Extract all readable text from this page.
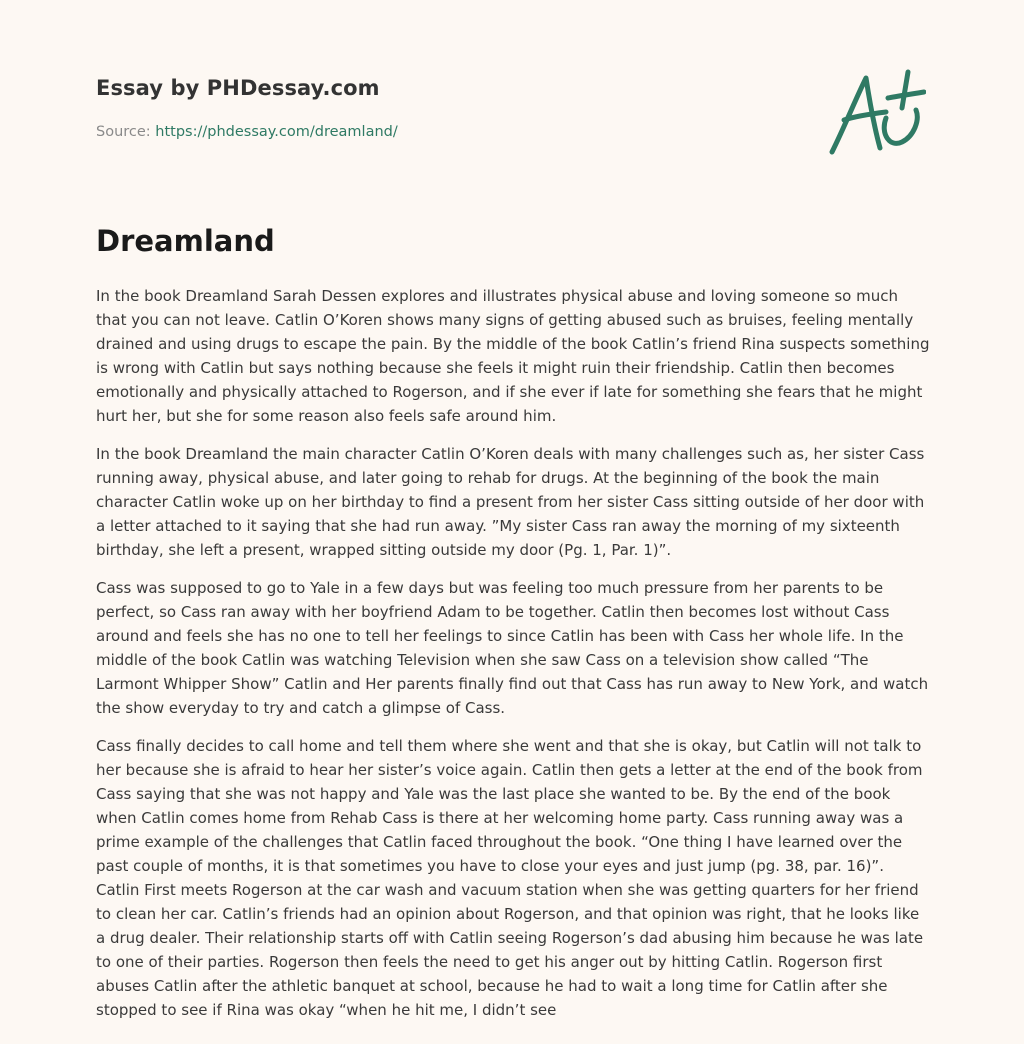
Essay by PHDessay.com
Source: https://phdessay.com/dreamland/
Dreamland

In the book Dreamland Sarah Dessen explores and illustrates physical abuse and loving someone so much that you can not leave. Catlin O’Koren shows many signs of getting abused such as bruises, feeling mentally drained and using drugs to escape the pain. By the middle of the book Catlin’s friend Rina suspects something is wrong with Catlin but says nothing because she feels it might ruin their friendship. Catlin then becomes emotionally and physically attached to Rogerson, and if she ever if late for something she fears that he might hurt her, but she for some reason also feels safe around him.

In the book Dreamland the main character Catlin O’Koren deals with many challenges such as, her sister Cass running away, physical abuse, and later going to rehab for drugs. At the beginning of the book the main character Catlin woke up on her birthday to find a present from her sister Cass sitting outside of her door with a letter attached to it saying that she had run away. ”My sister Cass ran away the morning of my sixteenth birthday, she left a present, wrapped sitting outside my door (Pg. 1, Par. 1)”.

Cass was supposed to go to Yale in a few days but was feeling too much pressure from her parents to be perfect, so Cass ran away with her boyfriend Adam to be together. Catlin then becomes lost without Cass around and feels she has no one to tell her feelings to since Catlin has been with Cass her whole life. In the middle of the book Catlin was watching Television when she saw Cass on a television show called “The Larmont Whipper Show” Catlin and Her parents finally find out that Cass has run away to New York, and watch the show everyday to try and catch a glimpse of Cass.

Cass finally decides to call home and tell them where she went and that she is okay, but Catlin will not talk to her because she is afraid to hear her sister’s voice again. Catlin then gets a letter at the end of the book from Cass saying that she was not happy and Yale was the last place she wanted to be. By the end of the book when Catlin comes home from Rehab Cass is there at her welcoming home party. Cass running away was a prime example of the challenges that Catlin faced throughout the book. “One thing I have learned over the past couple of months, it is that sometimes you have to close your eyes and just jump (pg. 38, par. 16)”. Catlin First meets Rogerson at the car wash and vacuum station when she was getting quarters for her friend to clean her car. Catlin’s friends had an opinion about Rogerson, and that opinion was right, that he looks like a drug dealer. Their relationship starts off with Catlin seeing Rogerson’s dad abusing him because he was late to one of their parties. Rogerson then feels the need to get his anger out by hitting Catlin. Rogerson first abuses Catlin after the athletic banquet at school, because he had to wait a long time for Catlin after she stopped to see if Rina was okay “when he hit me, I didn’t see
